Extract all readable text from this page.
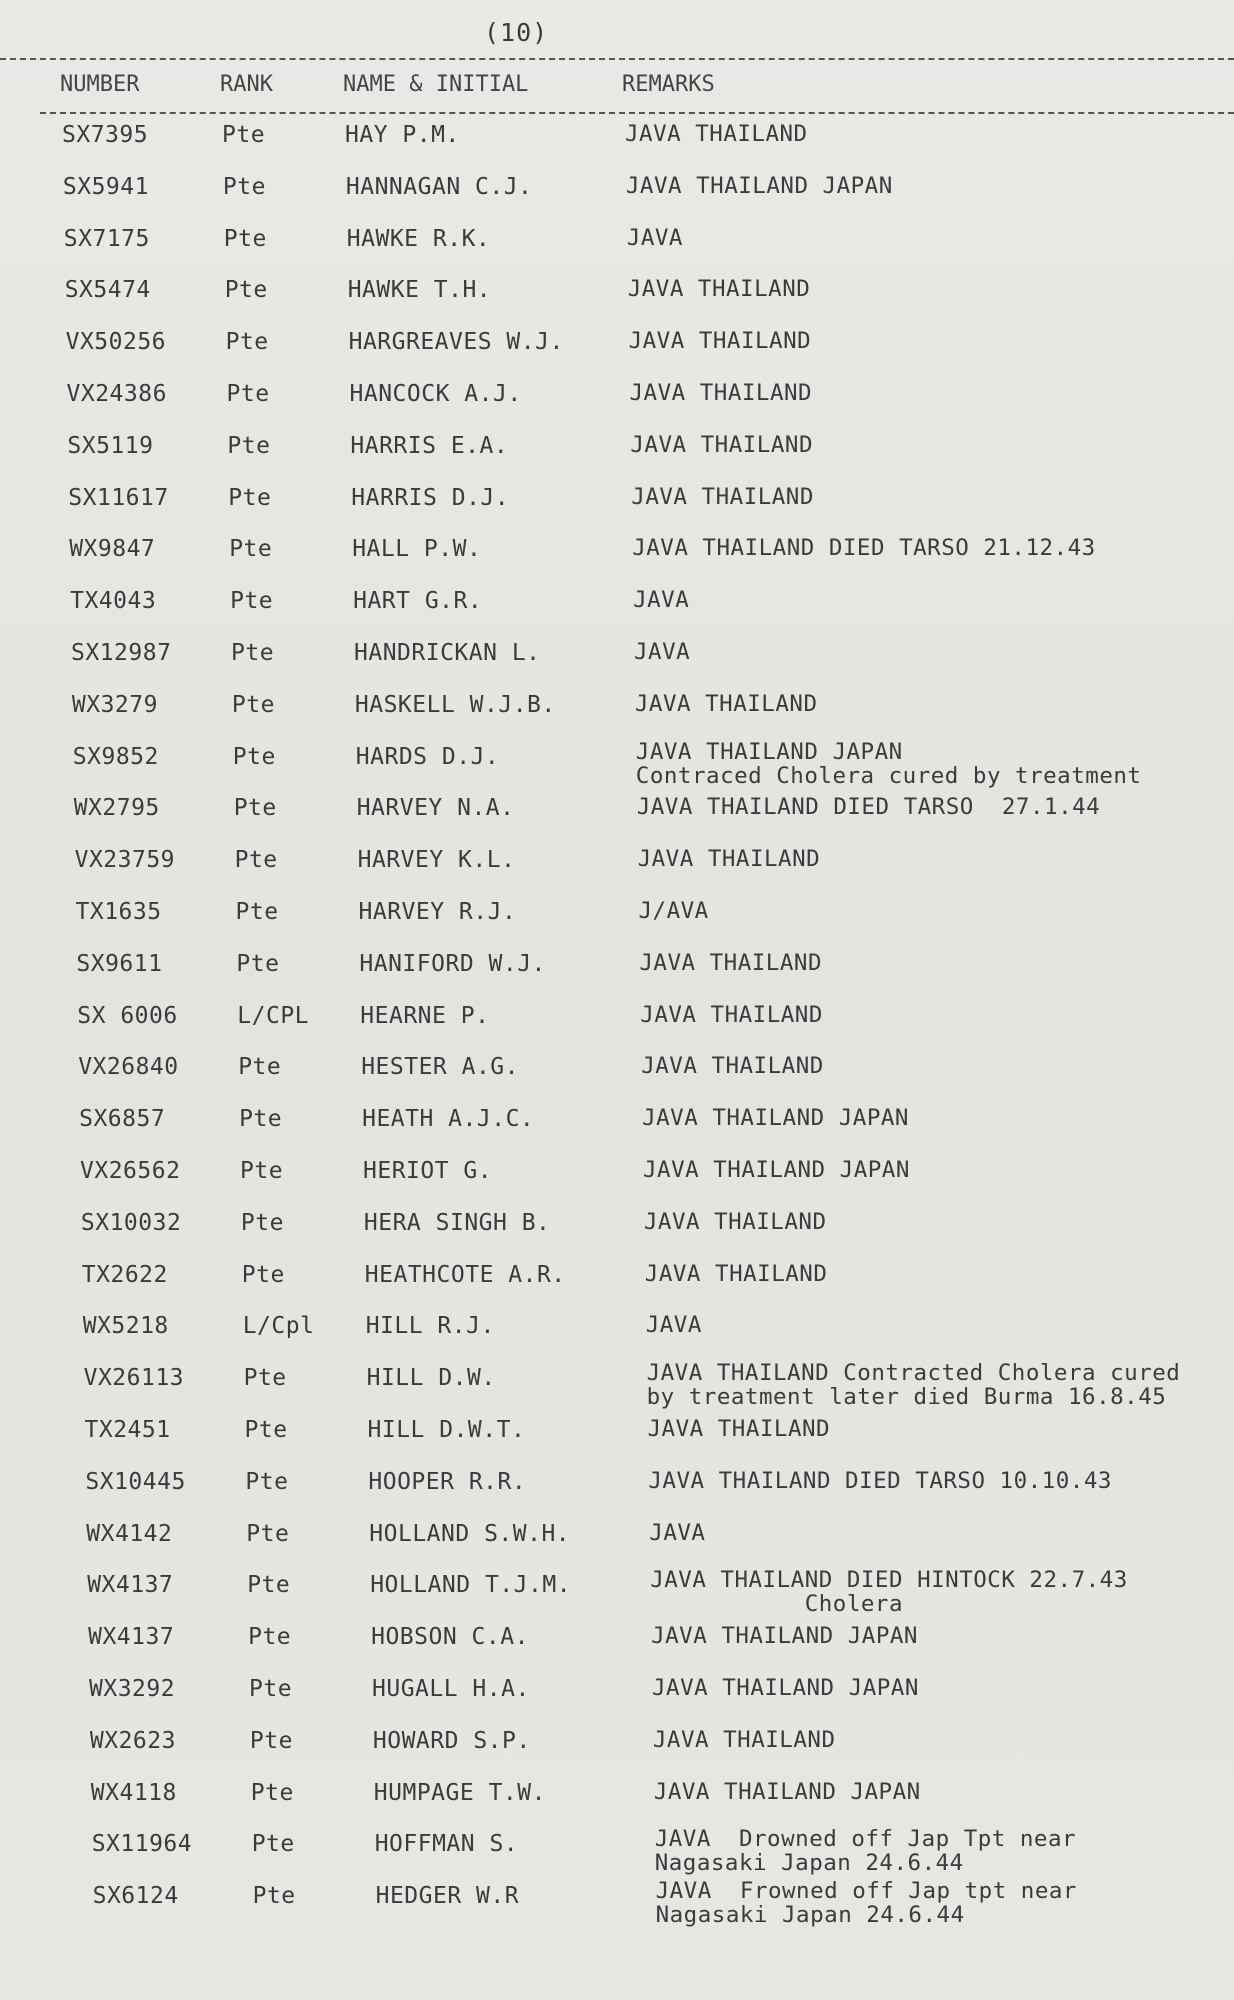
(10)
NUMBER	RANK	NAME & INITIAL	REMARKS
SX7395	Pte	HAY P.M.	JAVA THAILAND
SX5941	Pte	HANNAGAN C.J.	JAVA THAILAND JAPAN
SX7175	Pte	HAWKE R.K.	JAVA
SX5474	Pte	HAWKE T.H.	JAVA THAILAND
VX50256	Pte	HARGREAVES W.J.	JAVA THAILAND
VX24386	Pte	HANCOCK A.J.	JAVA THAILAND
SX5119	Pte	HARRIS E.A.	JAVA THAILAND
SX11617	Pte	HARRIS D.J.	JAVA THAILAND
WX9847	Pte	HALL P.W.	JAVA THAILAND DIED TARSO 21.12.43
TX4043	Pte	HART G.R.	JAVA
SX12987	Pte	HANDRICKAN L.	JAVA
WX3279	Pte	HASKELL W.J.B.	JAVA THAILAND
SX9852	Pte	HARDS D.J.	JAVA THAILAND JAPAN
Contraced Cholera cured by treatment
WX2795	Pte	HARVEY N.A.	JAVA THAILAND DIED TARSO  27.1.44
VX23759	Pte	HARVEY K.L.	JAVA THAILAND
TX1635	Pte	HARVEY R.J.	J/AVA
SX9611	Pte	HANIFORD W.J.	JAVA THAILAND
SX 6006	L/CPL HEARNE P.	JAVA THAILAND
VX26840	Pte	HESTER A.G.	JAVA THAILAND
SX6857	Pte	HEATH A.J.C.	JAVA THAILAND JAPAN
VX26562	Pte	HERIOT G.	JAVA THAILAND JAPAN
SX10032	Pte	HERA SINGH B.	JAVA THAILAND
TX2622	Pte	HEATHCOTE A.R.	JAVA THAILAND
WX5218	L/Cpl HILL R.J.	JAVA
VX26113	Pte	HILL D.W.	JAVA THAILAND Contracted Cholera cured
by treatment later died Burma 16.8.45
TX2451	Pte	HILL D.W.T.	JAVA THAILAND
SX10445	Pte	HOOPER R.R.	JAVA THAILAND DIED TARSO 10.10.43
WX4142	Pte	HOLLAND S.W.H.	JAVA
WX4137	Pte	HOLLAND T.J.M.	JAVA THAILAND DIED HINTOCK 22.7.43
Cholera
WX4137	Pte	HOBSON C.A.	JAVA THAILAND JAPAN
WX3292	Pte	HUGALL H.A.	JAVA THAILAND JAPAN
WX2623	Pte	HOWARD S.P.	JAVA THAILAND
WX4118	Pte	HUMPAGE T.W.	JAVA THAILAND JAPAN
SX11964	Pte	HOFFMAN S.	JAVA  Drowned off Jap Tpt near
Nagasaki Japan 24.6.44
SX6124	Pte	HEDGER W.R	JAVA  Frowned off Jap tpt near
Nagasaki Japan 24.6.44
